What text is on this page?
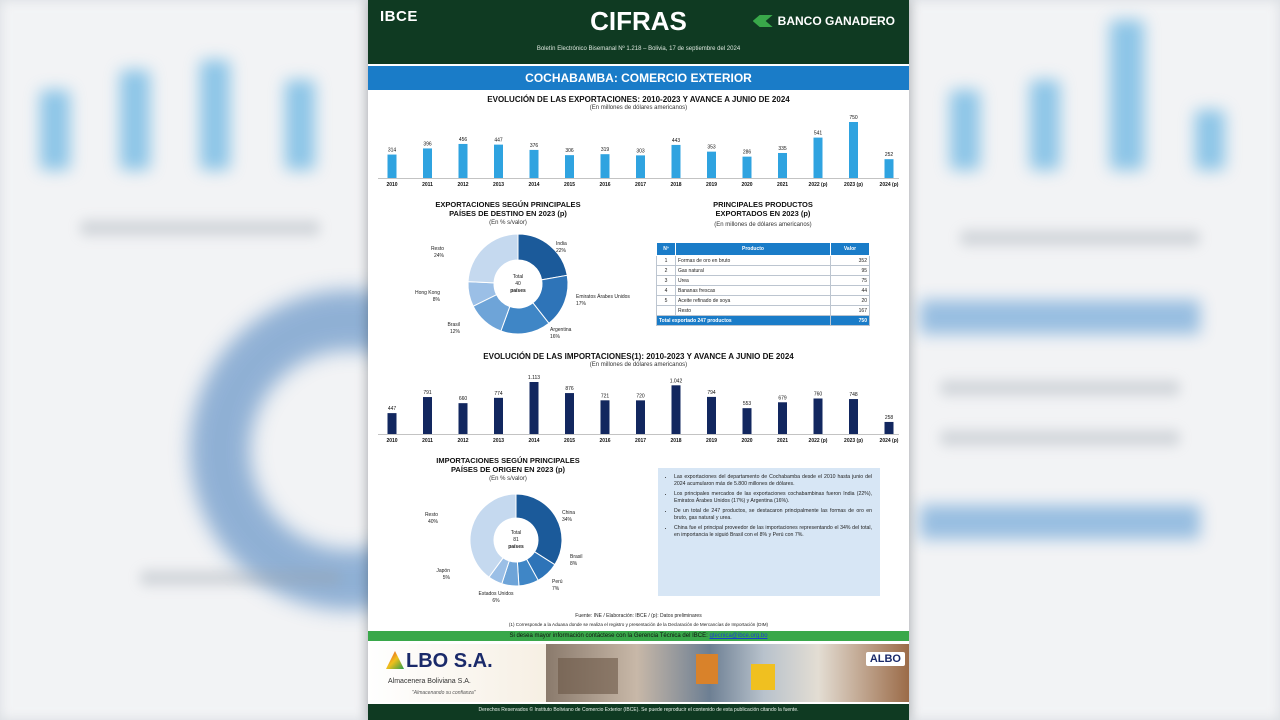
IBCE	CIFRAS	BANCO GANADERO
Boletín Electrónico Bisemanal Nº 1.218 – Bolivia, 17 de septiembre del 2024
COCHABAMBA: COMERCIO EXTERIOR
EVOLUCIÓN DE LAS EXPORTACIONES: 2010-2023 Y AVANCE A JUNIO DE 2024
(En millones de dólares americanos)
314
2010
396
2011
456
2012
447
2013
376
2014
306
2015
319
2016
303
2017
443
2018
353
2019
286
2020
335
2021
541
2022 (p)
750
2023 (p)
252
2024 (p)
EXPORTACIONES SEGÚN PRINCIPALES
PAÍSES DE DESTINO EN 2023 (p)
(En % s/valor)
Total
40
países
India
22%
Emiratos Árabes Unidos
17%
Argentina
16%
Brasil
12%
Hong Kong
8%
Resto
24%
PRINCIPALES PRODUCTOS
EXPORTADOS EN 2023 (p)
(En millones de dólares americanos)
Nº	Producto	Valor
1	Formas de oro en bruto	352
2	Gas natural	95
3	Urea	75
4	Bananas frescas	44
5	Aceite refinado de soya	20
	Resto	167
Total exportado 247 productos		750
EVOLUCIÓN DE LAS IMPORTACIONES(1): 2010-2023 Y AVANCE A JUNIO DE 2024
(En millones de dólares americanos)
447
2010
791
2011
660
2012
774
2013
1.113
2014
876
2015
721
2016
720
2017
1.042
2018
794
2019
553
2020
679
2021
760
2022 (p)
748
2023 (p)
258
2024 (p)
IMPORTACIONES SEGÚN PRINCIPALES
PAÍSES DE ORIGEN EN 2023 (p)
(En % s/valor)
Total
81
países
China
34%
Brasil
8%
Perú
7%
Estados Unidos
6%
Japón
5%
Resto
40%
• Las exportaciones del departamento de Cochabamba desde el 2010 hasta junio del 2024 acumularon más de 5.800 millones de dólares.
• Los principales mercados de las exportaciones cochabambinas fueron India (22%), Emiratos Árabes Unidos (17%) y Argentina (16%).
• De un total de 247 productos, se destacaron principalmente las formas de oro en bruto, gas natural y urea.
• China fue el principal proveedor de las importaciones representando el 34% del total, en importancia le siguió Brasil con el 8% y Perú con 7%.
Fuente: INE / Elaboración: IBCE / (p): Datos preliminares
(1) Corresponde a la Aduana donde se realiza el registro y presentación de la Declaración de Mercancías de Importación (DIM)
Si desea mayor información contáctese con la Gerencia Técnica del IBCE: gtecnica@ibce.org.bo
LBO S.A.
Almacenera Boliviana S.A.
"Almacenando su confianza"
ALBO
Derechos Reservados © Instituto Boliviano de Comercio Exterior (IBCE). Se puede reproducir el contenido de esta publicación citando la fuente.
